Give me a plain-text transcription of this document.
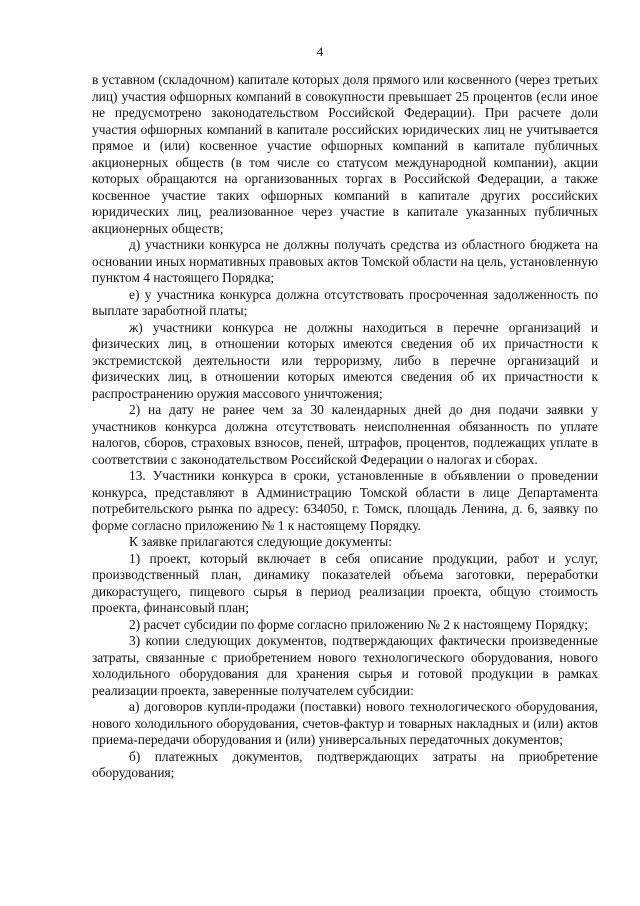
4

в уставном (складочном) капитале которых доля прямого или косвенного (через третьих лиц) участия офшорных компаний в совокупности превышает 25 процентов (если иное не предусмотрено законодательством Российской Федерации). При расчете доли участия офшорных компаний в капитале российских юридических лиц не учитывается прямое и (или) косвенное участие офшорных компаний в капитале публичных акционерных обществ (в том числе со статусом международной компании), акции которых обращаются на организованных торгах в Российской Федерации, а также косвенное участие таких офшорных компаний в капитале других российских юридических лиц, реализованное через участие в капитале указанных публичных акционерных обществ;

д) участники конкурса не должны получать средства из областного бюджета на основании иных нормативных правовых актов Томской области на цель, установленную пунктом 4 настоящего Порядка;

е) у участника конкурса должна отсутствовать просроченная задолженность по выплате заработной платы;

ж) участники конкурса не должны находиться в перечне организаций и физических лиц, в отношении которых имеются сведения об их причастности к экстремистской деятельности или терроризму, либо в перечне организаций и физических лиц, в отношении которых имеются сведения об их причастности к распространению оружия массового уничтожения;

2) на дату не ранее чем за 30 календарных дней до дня подачи заявки у участников конкурса должна отсутствовать неисполненная обязанность по уплате налогов, сборов, страховых взносов, пеней, штрафов, процентов, подлежащих уплате в соответствии с законодательством Российской Федерации о налогах и сборах.

13. Участники конкурса в сроки, установленные в объявлении о проведении конкурса, представляют в Администрацию Томской области в лице Департамента потребительского рынка по адресу: 634050, г. Томск, площадь Ленина, д. 6, заявку по форме согласно приложению № 1 к настоящему Порядку.

К заявке прилагаются следующие документы:

1) проект, который включает в себя описание продукции, работ и услуг, производственный план, динамику показателей объема заготовки, переработки дикорастущего, пищевого сырья в период реализации проекта, общую стоимость проекта, финансовый план;

2) расчет субсидии по форме согласно приложению № 2 к настоящему Порядку;

3) копии следующих документов, подтверждающих фактически произведенные затраты, связанные с приобретением нового технологического оборудования, нового холодильного оборудования для хранения сырья и готовой продукции в рамках реализации проекта, заверенные получателем субсидии:

а) договоров купли-продажи (поставки) нового технологического оборудования, нового холодильного оборудования, счетов-фактур и товарных накладных и (или) актов приема-передачи оборудования и (или) универсальных передаточных документов;

б) платежных документов, подтверждающих затраты на приобретение оборудования;
